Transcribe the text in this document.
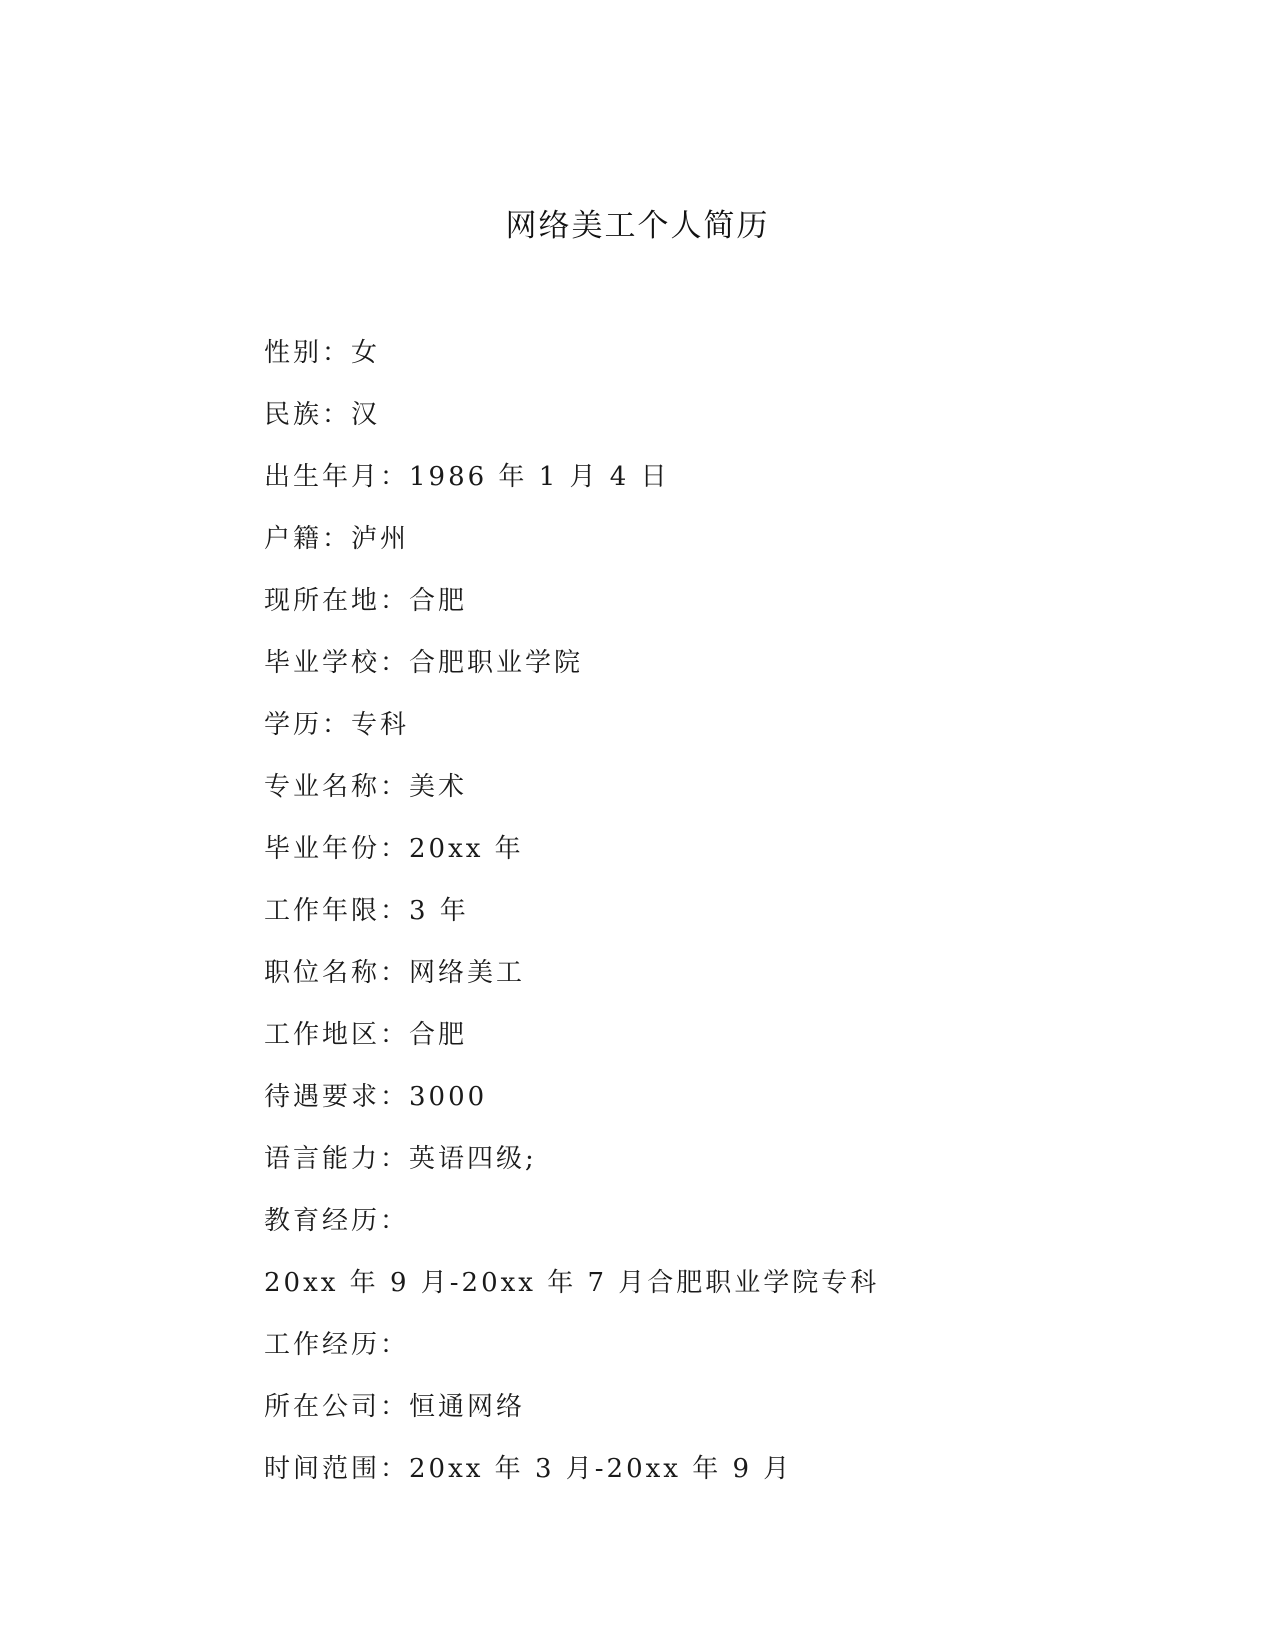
网络美工个人简历
性别：女
民族：汉
出生年月：1986 年 1 月 4 日
户籍：泸州
现所在地：合肥
毕业学校：合肥职业学院
学历：专科
专业名称：美术
毕业年份：20xx 年
工作年限：3 年
职位名称：网络美工
工作地区：合肥
待遇要求：3000
语言能力：英语四级;
教育经历：
20xx 年 9 月-20xx 年 7 月合肥职业学院专科
工作经历：
所在公司：恒通网络
时间范围：20xx 年 3 月-20xx 年 9 月
